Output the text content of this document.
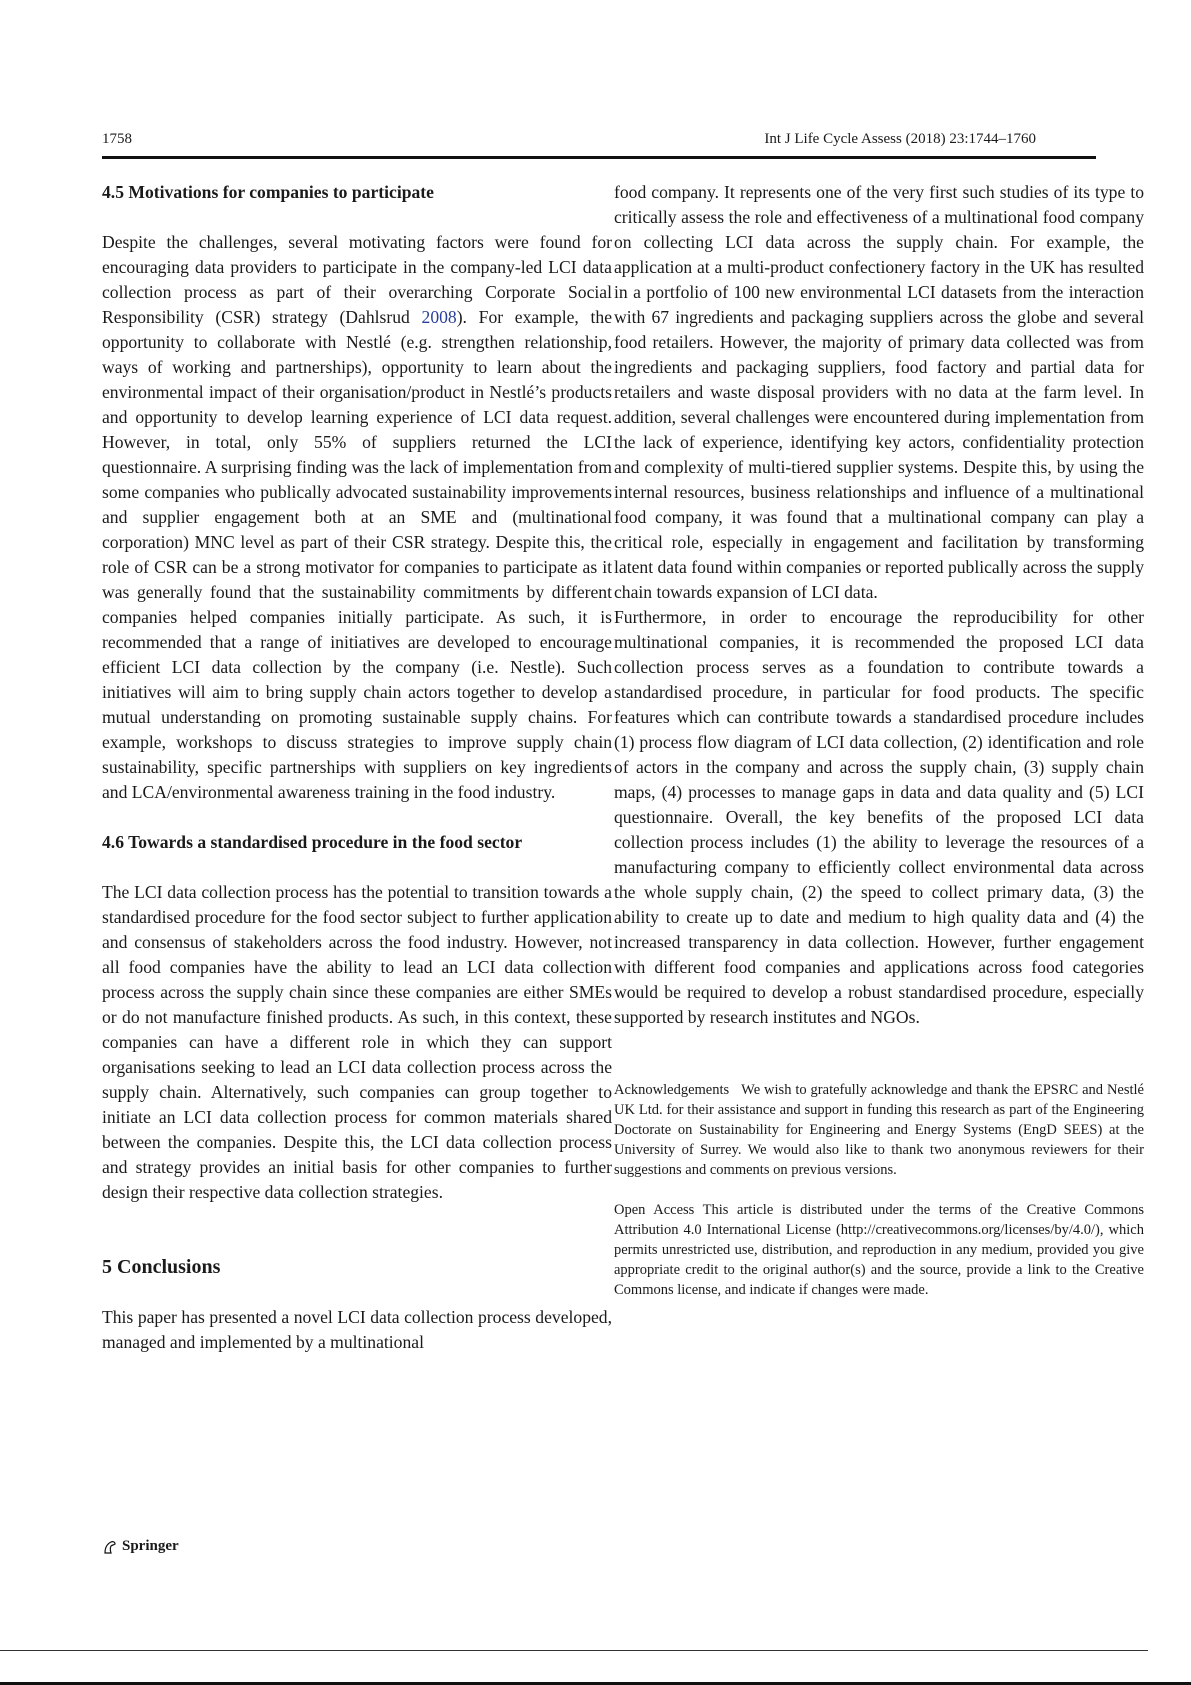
1758	Int J Life Cycle Assess (2018) 23:1744–1760
4.5 Motivations for companies to participate

Despite the challenges, several motivating factors were found for encouraging data providers to participate in the company-led LCI data collection process as part of their overarching Corporate Social Responsibility (CSR) strategy (Dahlsrud 2008). For example, the opportunity to collaborate with Nestlé (e.g. strengthen relationship, ways of working and partnerships), opportunity to learn about the environmental impact of their organisation/product in Nestlé’s products and opportunity to develop learning experience of LCI data request. However, in total, only 55% of suppliers returned the LCI questionnaire. A surprising finding was the lack of implementation from some companies who publically advocated sustainability improvements and supplier engagement both at an SME and (multinational corporation) MNC level as part of their CSR strategy. Despite this, the role of CSR can be a strong motivator for companies to participate as it was generally found that the sustainability commitments by different companies helped companies initially participate. As such, it is recommended that a range of initiatives are developed to encourage efficient LCI data collection by the company (i.e. Nestle). Such initiatives will aim to bring supply chain actors together to develop a mutual understanding on promoting sustainable supply chains. For example, workshops to discuss strategies to improve supply chain sustainability, specific partnerships with suppliers on key ingredients and LCA/environmental awareness training in the food industry.

4.6 Towards a standardised procedure in the food sector

The LCI data collection process has the potential to transition towards a standardised procedure for the food sector subject to further application and consensus of stakeholders across the food industry. However, not all food companies have the ability to lead an LCI data collection process across the supply chain since these companies are either SMEs or do not manufacture finished products. As such, in this context, these companies can have a different role in which they can support organisations seeking to lead an LCI data collection process across the supply chain. Alternatively, such companies can group together to initiate an LCI data collection process for common materials shared between the companies. Despite this, the LCI data collection process and strategy provides an initial basis for other companies to further design their respective data collection strategies.

5 Conclusions

This paper has presented a novel LCI data collection process developed, managed and implemented by a multinational

food company. It represents one of the very first such studies of its type to critically assess the role and effectiveness of a multinational food company on collecting LCI data across the supply chain. For example, the application at a multi-product confectionery factory in the UK has resulted in a portfolio of 100 new environmental LCI datasets from the interaction with 67 ingredients and packaging suppliers across the globe and several food retailers. However, the majority of primary data collected was from ingredients and packaging suppliers, food factory and partial data for retailers and waste disposal providers with no data at the farm level. In addition, several challenges were encountered during implementation from the lack of experience, identifying key actors, confidentiality protection and complexity of multi-tiered supplier systems. Despite this, by using the internal resources, business relationships and influence of a multinational food company, it was found that a multinational company can play a critical role, especially in engagement and facilitation by transforming latent data found within companies or reported publically across the supply chain towards expansion of LCI data.

Furthermore, in order to encourage the reproducibility for other multinational companies, it is recommended the proposed LCI data collection process serves as a foundation to contribute towards a standardised procedure, in particular for food products. The specific features which can contribute towards a standardised procedure includes (1) process flow diagram of LCI data collection, (2) identification and role of actors in the company and across the supply chain, (3) supply chain maps, (4) processes to manage gaps in data and data quality and (5) LCI questionnaire. Overall, the key benefits of the proposed LCI data collection process includes (1) the ability to leverage the resources of a manufacturing company to efficiently collect environmental data across the whole supply chain, (2) the speed to collect primary data, (3) the ability to create up to date and medium to high quality data and (4) the increased transparency in data collection. However, further engagement with different food companies and applications across food categories would be required to develop a robust standardised procedure, especially supported by research institutes and NGOs.

Acknowledgements We wish to gratefully acknowledge and thank the EPSRC and Nestlé UK Ltd. for their assistance and support in funding this research as part of the Engineering Doctorate on Sustainability for Engineering and Energy Systems (EngD SEES) at the University of Surrey. We would also like to thank two anonymous reviewers for their suggestions and comments on previous versions.

Open Access This article is distributed under the terms of the Creative Commons Attribution 4.0 International License (http://creativecommons.org/licenses/by/4.0/), which permits unrestricted use, distribution, and reproduction in any medium, provided you give appropriate credit to the original author(s) and the source, provide a link to the Creative Commons license, and indicate if changes were made.

Springer
